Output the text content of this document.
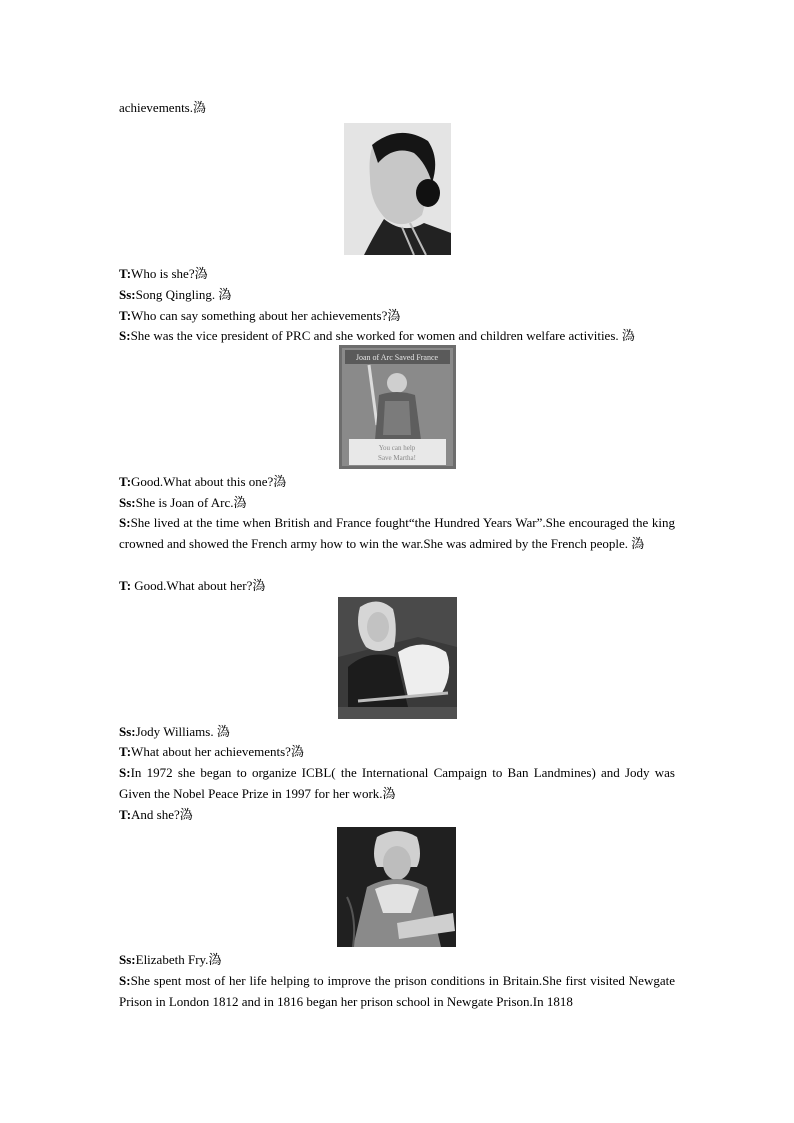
achievements.溈

T:Who is she?溈

Ss:Song Qingling. 溈

T:Who can say something about her achievements?溈

S:She was the vice president of PRC and she worked for women and children welfare activities. 溈

Joan of Arc Saved France
You can help
Save Martha!

T:Good.What about this one?溈

Ss:She is Joan of Arc.溈

S:She lived at the time when British and France fought“the Hundred Years War”.She encouraged the king crowned and showed the French army how to win the war.She was admired by the French people. 溈

T: Good.What about her?溈

Ss:Jody Williams. 溈

T:What about her achievements?溈

S:In 1972 she began to organize ICBL( the International Campaign to Ban Landmines) and Jody was Given the Nobel Peace Prize in 1997 for her work.溈

T:And she?溈

Ss:Elizabeth Fry.溈

S:She spent most of her life helping to improve the prison conditions in Britain.She first visited Newgate Prison in London 1812 and in 1816 began her prison school in Newgate Prison.In 1818
